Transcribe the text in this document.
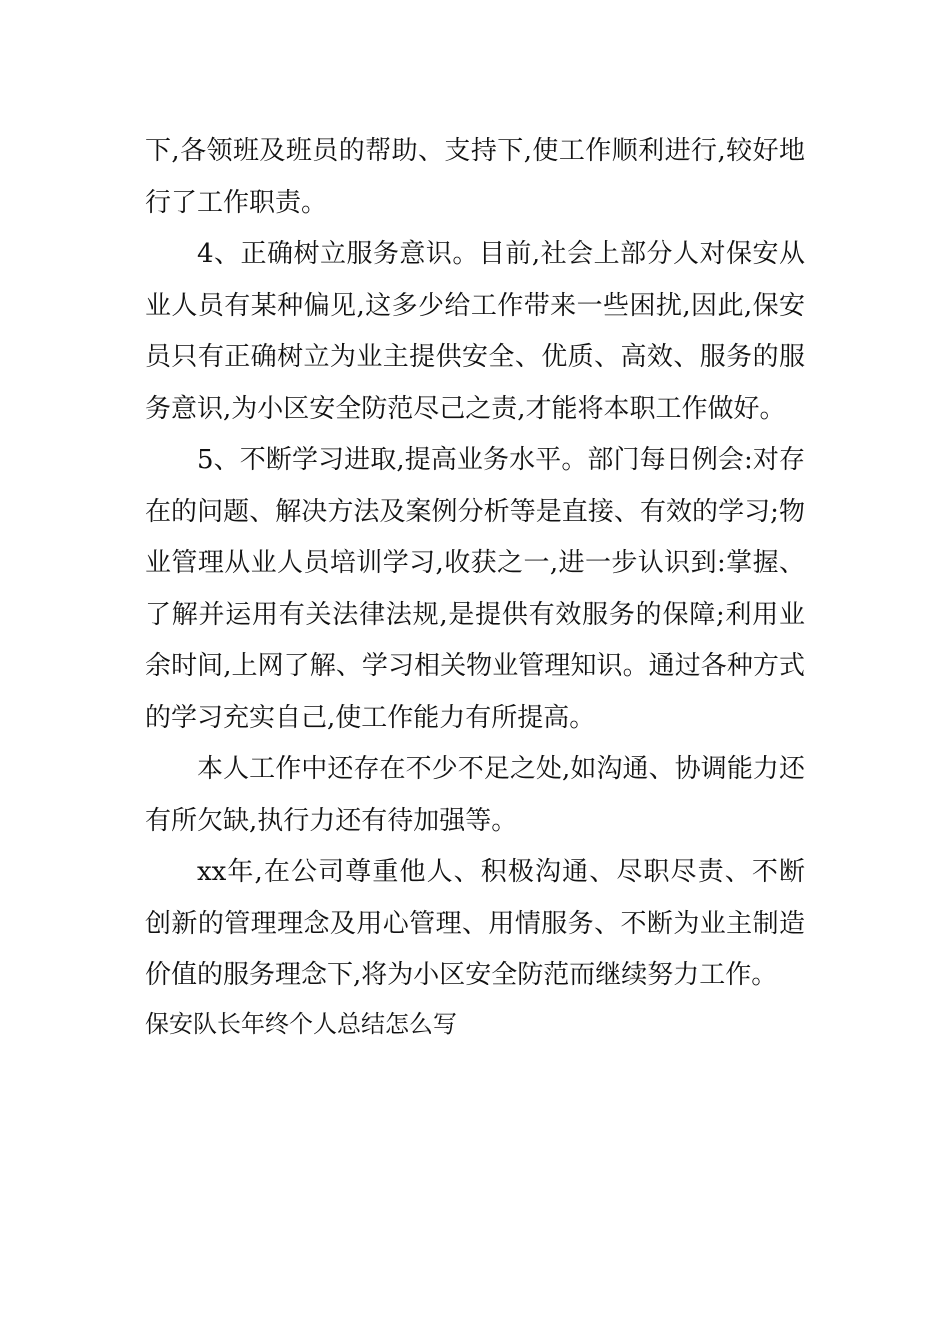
下,各领班及班员的帮助、支持下,使工作顺利进行,较好地行了工作职责。

4、正确树立服务意识。目前,社会上部分人对保安从业人员有某种偏见,这多少给工作带来一些困扰,因此,保安员只有正确树立为业主提供安全、优质、高效、服务的服务意识,为小区安全防范尽己之责,才能将本职工作做好。

5、不断学习进取,提高业务水平。部门每日例会:对存在的问题、解决方法及案例分析等是直接、有效的学习;物业管理从业人员培训学习,收获之一,进一步认识到:掌握、了解并运用有关法律法规,是提供有效服务的保障;利用业余时间,上网了解、学习相关物业管理知识。通过各种方式的学习充实自己,使工作能力有所提高。

本人工作中还存在不少不足之处,如沟通、协调能力还有所欠缺,执行力还有待加强等。

xx年,在公司尊重他人、积极沟通、尽职尽责、不断创新的管理理念及用心管理、用情服务、不断为业主制造价值的服务理念下,将为小区安全防范而继续努力工作。

保安队长年终个人总结怎么写
